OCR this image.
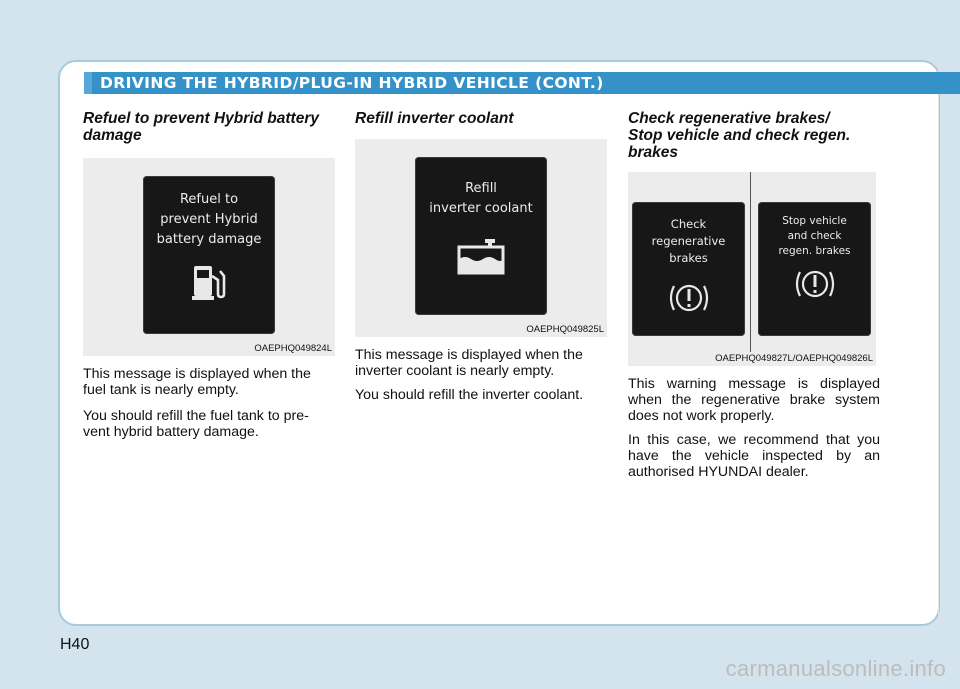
DRIVING THE HYBRID/PLUG-IN HYBRID VEHICLE (CONT.)
Refuel to prevent Hybrid battery damage
Refuel to
prevent Hybrid
battery damage
OAEPHQ049824L

This message is displayed when the fuel tank is nearly empty.

You should refill the fuel tank to pre-vent hybrid battery damage.

Refill inverter coolant
Refill
inverter coolant
OAEPHQ049825L

This message is displayed when the inverter coolant is nearly empty.

You should refill the inverter coolant.

Check regenerative brakes/ Stop vehicle and check regen. brakes
Check
regenerative
brakes
Stop vehicle
and check
regen. brakes
OAEPHQ049827L/OAEPHQ049826L

This warning message is displayed when the regenerative brake system does not work properly.

In this case, we recommend that you have the vehicle inspected by an authorised HYUNDAI dealer.

H40
carmanualsonline.info
